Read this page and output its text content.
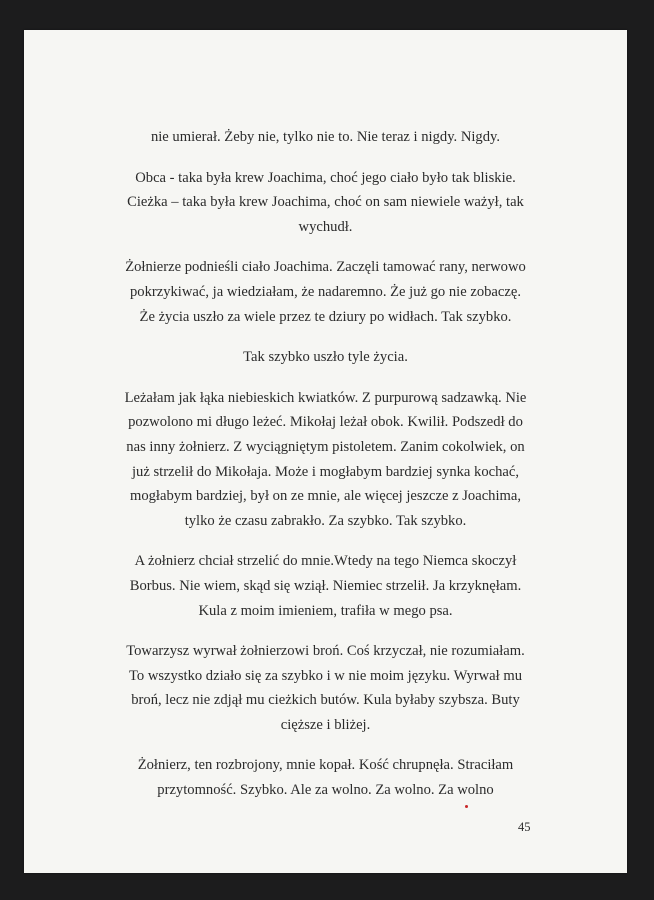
nie umierał. Żeby nie, tylko nie to. Nie teraz i nigdy. Nigdy.

Obca - taka była krew Joachima, choć jego ciało było tak bliskie.
Cieżka – taka była krew Joachima, choć on sam niewiele ważył, tak
wychudł.

Żołnierze podnieśli ciało Joachima. Zaczęli tamować rany, nerwowo
pokrzykiwać, ja wiedziałam, że nadaremno. Że już go nie zobaczę.
Że życia uszło za wiele przez te dziury po widłach. Tak szybko.

Tak szybko uszło tyle życia.

Leżałam jak łąka niebieskich kwiatków. Z purpurową sadzawką. Nie
pozwolono mi długo leżeć. Mikołaj leżał obok. Kwilił. Podszedł do
nas inny żołnierz. Z wyciągniętym pistoletem. Zanim cokolwiek, on
już strzelił do Mikołaja. Może i mogłabym bardziej synka kochać,
mogłabym bardziej, był on ze mnie, ale więcej jeszcze z Joachima,
tylko że czasu zabrakło. Za szybko. Tak szybko.

A żołnierz chciał strzelić do mnie.Wtedy na tego Niemca skoczył
Borbus. Nie wiem, skąd się wziął. Niemiec strzelił. Ja krzyknęłam.
Kula z moim imieniem, trafiła w mego psa.

Towarzysz wyrwał żołnierzowi broń. Coś krzyczał, nie rozumiałam.
To wszystko działo się za szybko i w nie moim języku. Wyrwał mu
broń, lecz nie zdjął mu cieżkich butów. Kula byłaby szybsza. Buty
cięższe i bliżej.

Żołnierz, ten rozbrojony, mnie kopał. Kość chrupnęła. Straciłam
przytomność. Szybko. Ale za wolno. Za wolno. Za wolno

45
